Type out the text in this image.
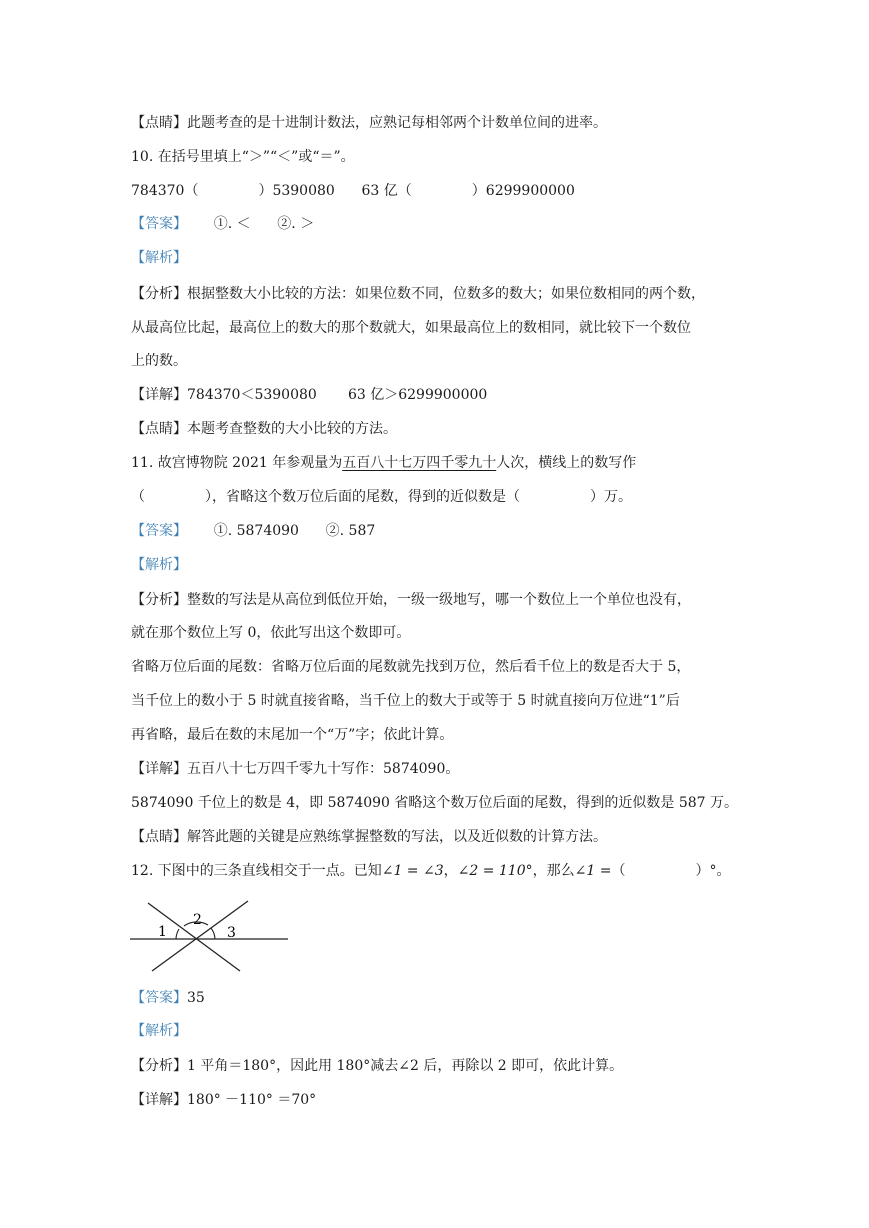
【点睛】此题考查的是十进制计数法，应熟记每相邻两个计数单位间的进率。
10. 在括号里填上“＞”“＜”或“＝”。
784370（	）5390080 63 亿（	）6299900000
【答案】 ①. ＜      ②. ＞
【解析】
【分析】根据整数大小比较的方法：如果位数不同，位数多的数大；如果位数相同的两个数，
从最高位比起，最高位上的数大的那个数就大，如果最高位上的数相同，就比较下一个数位
上的数。
【详解】784370＜5390080 63 亿＞6299900000
【点睛】本题考查整数的大小比较的方法。
11. 故宫博物院 2021 年参观量为五百八十七万四千零九十人次，横线上的数写作
（	），省略这个数万位后面的尾数，得到的近似数是（	）万。
【答案】 ①. 5874090      ②. 587
【解析】
【分析】整数的写法是从高位到低位开始，一级一级地写，哪一个数位上一个单位也没有，
就在那个数位上写 0，依此写出这个数即可。
省略万位后面的尾数：省略万位后面的尾数就先找到万位，然后看千位上的数是否大于 5，
当千位上的数小于 5 时就直接省略，当千位上的数大于或等于 5 时就直接向万位进“1”后
再省略，最后在数的末尾加一个“万”字；依此计算。
【详解】五百八十七万四千零九十写作：5874090。
5874090 千位上的数是 4，即 5874090 省略这个数万位后面的尾数，得到的近似数是 587 万。
【点睛】解答此题的关键是应熟练掌握整数的写法，以及近似数的计算方法。
12. 下图中的三条直线相交于一点。已知∠1 = ∠3，∠2 = 110°，那么∠1 =（	）°。
1
2
3
【答案】35
【解析】
【分析】1 平角＝180°，因此用 180°减去∠2 后，再除以 2 即可，依此计算。
【详解】180° －110° ＝70°
